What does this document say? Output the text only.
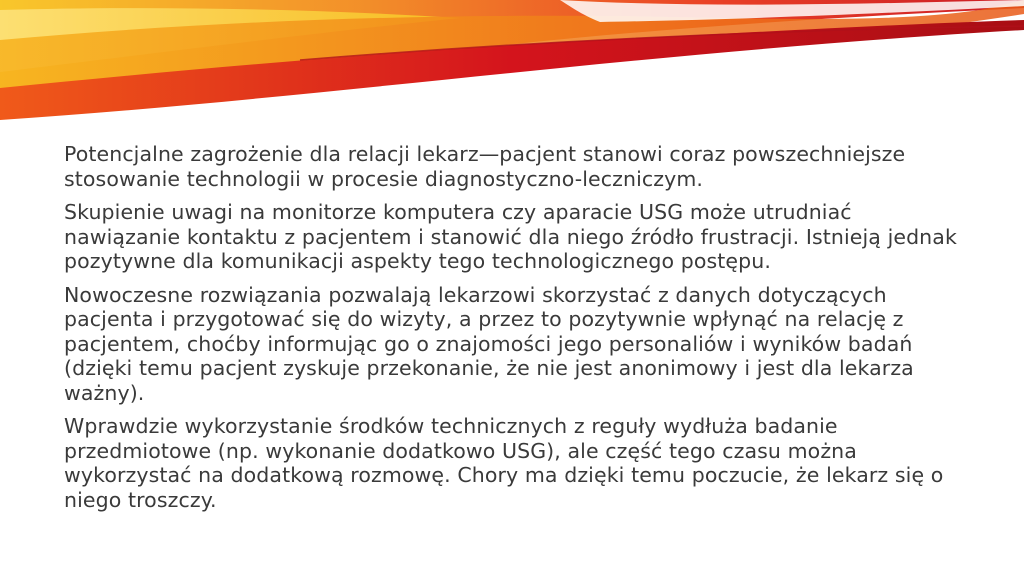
Potencjalne zagrożenie dla relacji lekarz—pacjent stanowi coraz powszechniejsze stosowanie technologii w procesie diagnostyczno-leczniczym.

Skupienie uwagi na monitorze komputera czy aparacie USG może utrudniać nawiązanie kontaktu z pacjentem i stanowić dla niego źródło frustracji. Istnieją jednak pozytywne dla komunikacji aspekty tego technologicznego postępu.

Nowoczesne rozwiązania pozwalają lekarzowi skorzystać z danych dotyczących pacjenta i przygotować się do wizyty, a przez to pozytywnie wpłynąć na relację z pacjentem, choćby informując go o znajomości jego personaliów i wyników badań (dzięki temu pacjent zyskuje przekonanie, że nie jest anonimowy i jest dla lekarza ważny).

Wprawdzie wykorzystanie środków technicznych z reguły wydłuża badanie przedmiotowe (np. wykonanie dodatkowo USG), ale część tego czasu można wykorzystać na dodatkową rozmowę. Chory ma dzięki temu poczucie, że lekarz się o niego troszczy.
